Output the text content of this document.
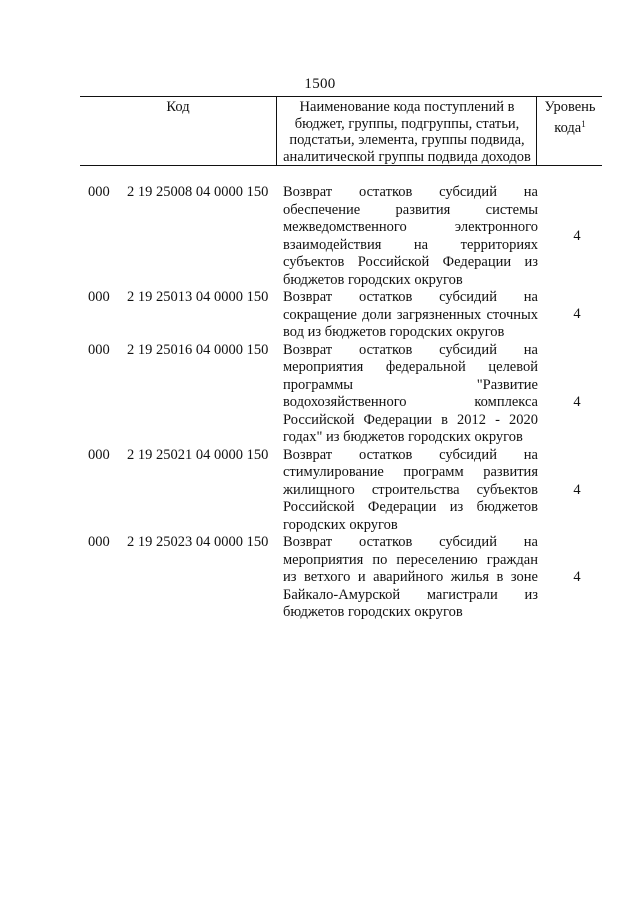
1500
Код	Наименование кода поступлений в бюджет, группы, подгруппы, статьи, подстатьи, элемента, группы подвида, аналитической группы подвида доходов
Уровень кода$^1$
000 2 19 25008 04 0000 150 Возврат остатков субсидий на обеспечение развития системы межведомственного электронного взаимодействия на территориях субъектов Российской Федерации из бюджетов городских округов
4
000 2 19 25013 04 0000 150 Возврат остатков субсидий на сокращение доли загрязненных сточных вод из бюджетов городских округов
4
000 2 19 25016 04 0000 150 Возврат остатков субсидий на мероприятия федеральной целевой программы "Развитие водохозяйственного комплекса Российской Федерации в 2012 - 2020 годах" из бюджетов городских округов
4
000 2 19 25021 04 0000 150 Возврат остатков субсидий на стимулирование программ развития жилищного строительства субъектов Российской Федерации из бюджетов городских округов
4
000 2 19 25023 04 0000 150 Возврат остатков субсидий на мероприятия по переселению граждан из ветхого и аварийного жилья в зоне Байкало-Амурской магистрали из бюджетов городских округов
4
